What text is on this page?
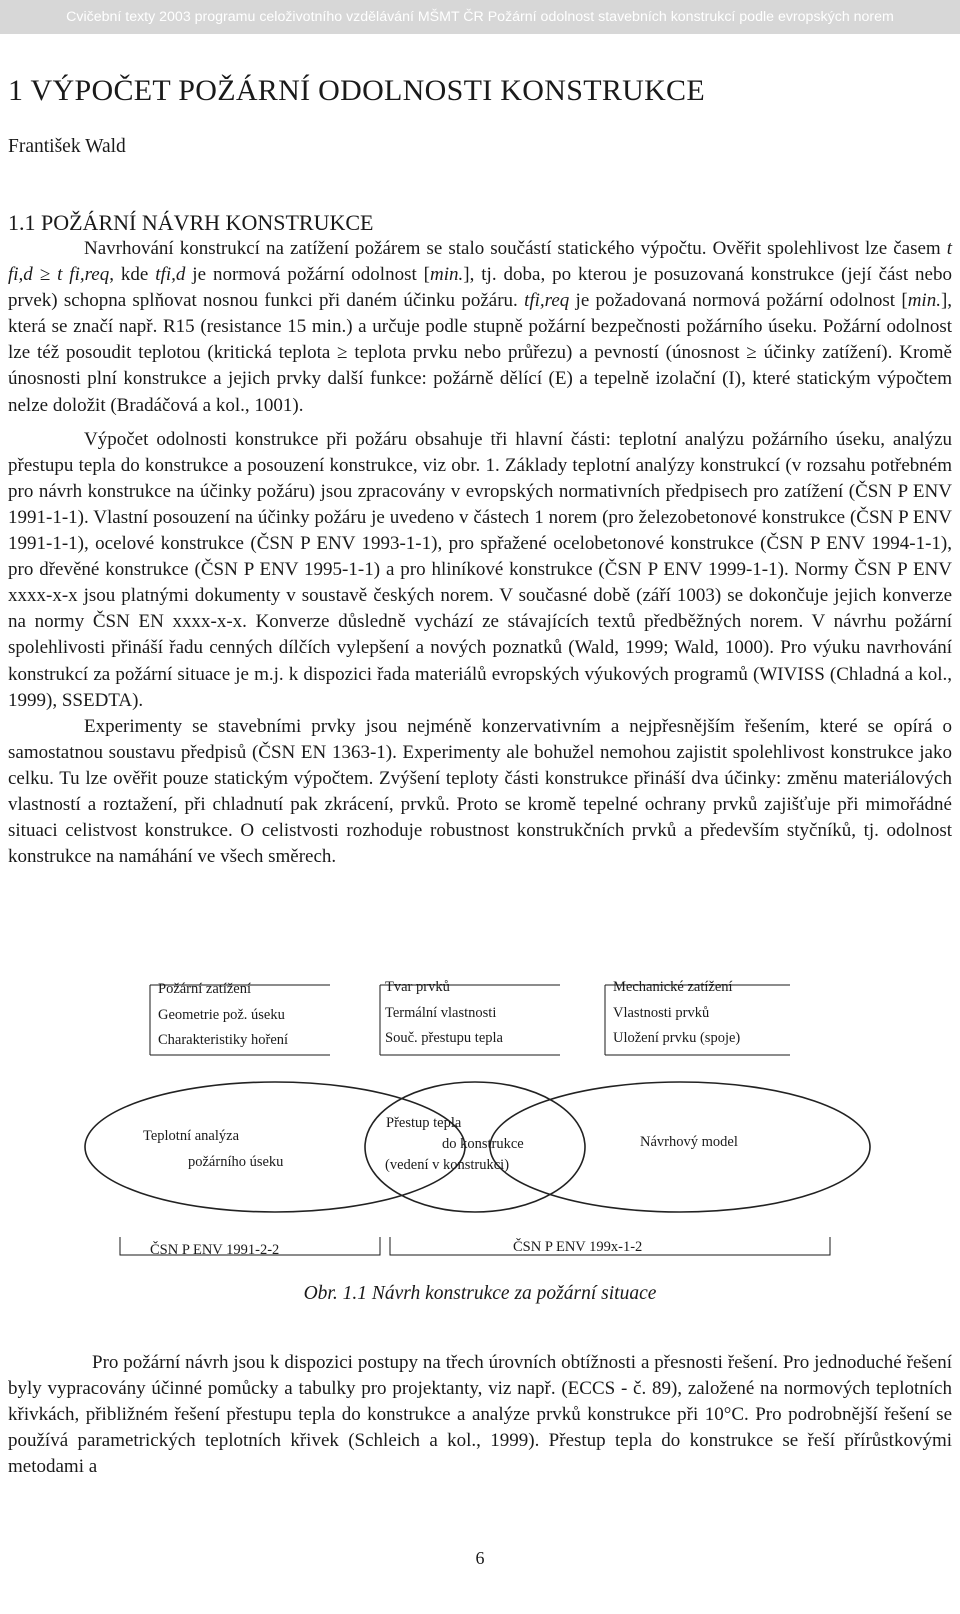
Cvičební texty 2003 programu celoživotního vzdělávání MŠMT ČR Požární odolnost stavebních konstrukcí podle evropských norem
1 VÝPOČET POŽÁRNÍ ODOLNOSTI KONSTRUKCE
František Wald
1.1 POŽÁRNÍ NÁVRH KONSTRUKCE

Navrhování konstrukcí na zatížení požárem se stalo součástí statického výpočtu. Ověřit spolehlivost lze časem t fi,d ≥ t fi,req, kde tfi,d je normová požární odolnost [min.], tj. doba, po kterou je posuzovaná konstrukce (její část nebo prvek) schopna splňovat nosnou funkci při daném účinku požáru. tfi,req je požadovaná normová požární odolnost [min.], která se značí např. R15 (resistance 15 min.) a určuje podle stupně požární bezpečnosti požárního úseku. Požární odolnost lze též posoudit teplotou (kritická teplota ≥ teplota prvku nebo průřezu) a pevností (únosnost ≥ účinky zatížení). Kromě únosnosti plní konstrukce a jejich prvky další funkce: požárně dělící (E) a tepelně izolační (I), které statickým výpočtem nelze doložit (Bradáčová a kol., 1001).

Výpočet odolnosti konstrukce při požáru obsahuje tři hlavní části: teplotní analýzu požárního úseku, analýzu přestupu tepla do konstrukce a posouzení konstrukce, viz obr. 1. Základy teplotní analýzy konstrukcí (v rozsahu potřebném pro návrh konstrukce na účinky požáru) jsou zpracovány v evropských normativních předpisech pro zatížení (ČSN P ENV 1991-1-1). Vlastní posouzení na účinky požáru je uvedeno v částech 1 norem (pro železobetonové konstrukce (ČSN P ENV 1991-1-1), ocelové konstrukce (ČSN P ENV 1993-1-1), pro spřažené ocelobetonové konstrukce (ČSN P ENV 1994-1-1), pro dřevěné konstrukce (ČSN P ENV 1995-1-1) a pro hliníkové konstrukce (ČSN P ENV 1999-1-1). Normy ČSN P ENV xxxx-x-x jsou platnými dokumenty v soustavě českých norem. V současné době (září 1003) se dokončuje jejich konverze na normy ČSN EN xxxx-x-x. Konverze důsledně vychází ze stávajících textů předběžných norem. V návrhu požární spolehlivosti přináší řadu cenných dílčích vylepšení a nových poznatků (Wald, 1999; Wald, 1000). Pro výuku navrhování konstrukcí za požární situace je m.j. k dispozici řada materiálů evropských výukových programů (WIVISS (Chladná a kol., 1999), SSEDTA).

Experimenty se stavebními prvky jsou nejméně konzervativním a nejpřesnějším řešením, které se opírá o samostatnou soustavu předpisů (ČSN EN 1363-1). Experimenty ale bohužel nemohou zajistit spolehlivost konstrukce jako celku. Tu lze ověřit pouze statickým výpočtem. Zvýšení teploty části konstrukce přináší dva účinky: změnu materiálových vlastností a roztažení, při chladnutí pak zkrácení, prvků. Proto se kromě tepelné ochrany prvků zajišťuje při mimořádné situaci celistvost konstrukce. O celistvosti rozhoduje robustnost konstrukčních prvků a především styčníků, tj. odolnost konstrukce na namáhání ve všech směrech.

Požární zatížení
Geometrie pož. úseku
Charakteristiky hoření
Tvar prvků
Termální vlastnosti
Souč. přestupu tepla
Mechanické zatížení
Vlastnosti prvků
Uložení prvku (spoje)
Teplotní analýza
požárního úseku
Přestup tepla
do konstrukce
(vedení v konstrukci)
Návrhový model
ČSN P ENV 1991-2-2	ČSN P ENV 199x-1-2
Obr. 1.1 Návrh konstrukce za požární situace

Pro požární návrh jsou k dispozici postupy na třech úrovních obtížnosti a přesnosti řešení. Pro jednoduché řešení byly vypracovány účinné pomůcky a tabulky pro projektanty, viz např. (ECCS - č. 89), založené na normových teplotních křivkách, přibližném řešení přestupu tepla do konstrukce a analýze prvků konstrukce při 10°C. Pro podrobnější řešení se používá parametrických teplotních křivek (Schleich a kol., 1999). Přestup tepla do konstrukce se řeší přírůstkovými metodami a

6
